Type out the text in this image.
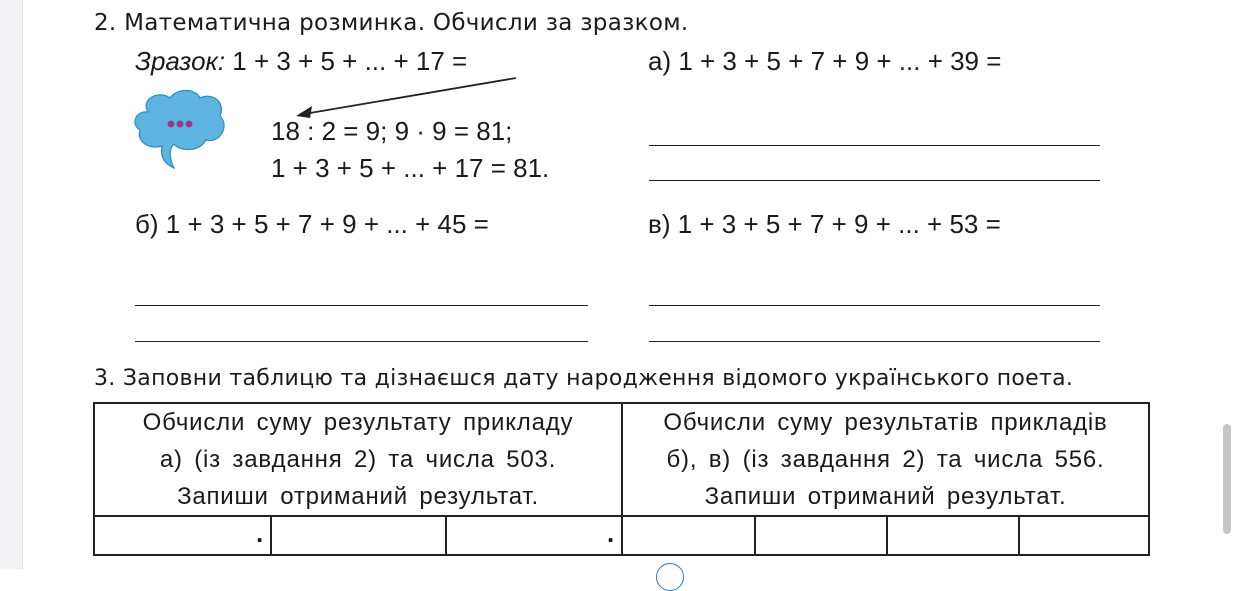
2. Математична розминка. Обчисли за зразком.
Зразок: 1 + 3 + 5 + ... + 17 =
18 : 2 = 9; 9 · 9 = 81;
1 + 3 + 5 + ... + 17 = 81.
а) 1 + 3 + 5 + 7 + 9 + ... + 39 =
б) 1 + 3 + 5 + 7 + 9 + ... + 45 =	в) 1 + 3 + 5 + 7 + 9 + ... + 53 =
3. Заповни таблицю та дізнаєшся дату народження відомого українського поета.
Обчисли суму результату прикладу
а) (із завдання 2) та числа 503.
Запиши отриманий результат.
Обчисли суму результатів прикладів
б), в) (із завдання 2) та числа 556.
Запиши отриманий результат.
.	.
